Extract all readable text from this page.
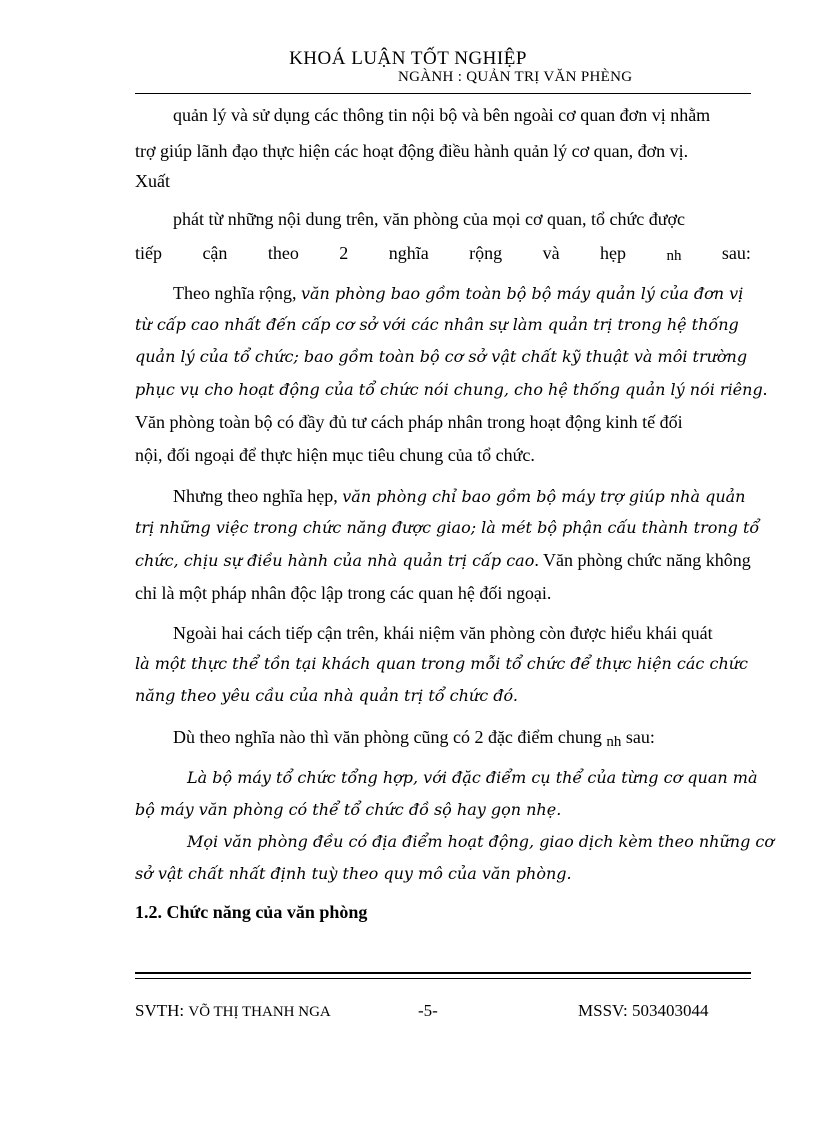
KHOÁ LUẬN TỐT NGHIỆP
NGÀNH : QUẢN TRỊ VĂN PHÈNG
quản lý và sử dụng các thông tin nội bộ và bên ngoài cơ quan đơn vị nhằm
trợ giúp lãnh đạo thực hiện các hoạt động điều hành quản lý cơ quan, đơn vị.
Xuất
phát từ những nội dung trên, văn phòng của mọi cơ quan, tổ chức được
tiếp cận theo 2 nghĩa rộng và hẹp	nh sau:
Theo nghĩa rộng, văn phòng bao gồm toàn bộ bộ máy quản lý của đơn vị
từ cấp cao nhất đến cấp cơ sở với các nhân sự làm quản trị trong hệ thống
quản lý của tổ chức; bao gồm toàn bộ cơ sở vật chất kỹ thuật và môi trường
phục vụ cho hoạt động của tổ chức nói chung, cho hệ thống quản lý nói riêng.
Văn phòng toàn bộ có đầy đủ tư cách pháp nhân trong hoạt động kinh tế đối
nội, đối ngoại để thực hiện mục tiêu chung của tổ chức.
Nhưng theo nghĩa hẹp, văn phòng chỉ bao gồm bộ máy trợ giúp nhà quản
trị những việc trong chức năng được giao; là mét bộ phận cấu thành trong tổ
chức, chịu sự điều hành của nhà quản trị cấp cao. Văn phòng chức năng không
chỉ là một pháp nhân độc lập trong các quan hệ đối ngoại.
Ngoài hai cách tiếp cận trên, khái niệm văn phòng còn được hiểu khái quát
là một thực thể tồn tại khách quan trong mỗi tổ chức để thực hiện các chức
năng theo yêu cầu của nhà quản trị tổ chức đó.
Dù theo nghĩa nào thì văn phòng cũng có 2 đặc điểm chung nh sau:
Là bộ máy tổ chức tổng hợp, với đặc điểm cụ thể của từng cơ quan mà
bộ máy văn phòng có thể tổ chức đồ sộ hay gọn nhẹ.
Mọi văn phòng đều có địa điểm hoạt động, giao dịch kèm theo những cơ
sở vật chất nhất định tuỳ theo quy mô của văn phòng.
1.2. Chức năng của văn phòng
SVTH: VÕ THỊ THANH NGA	-5-	MSSV: 503403044
